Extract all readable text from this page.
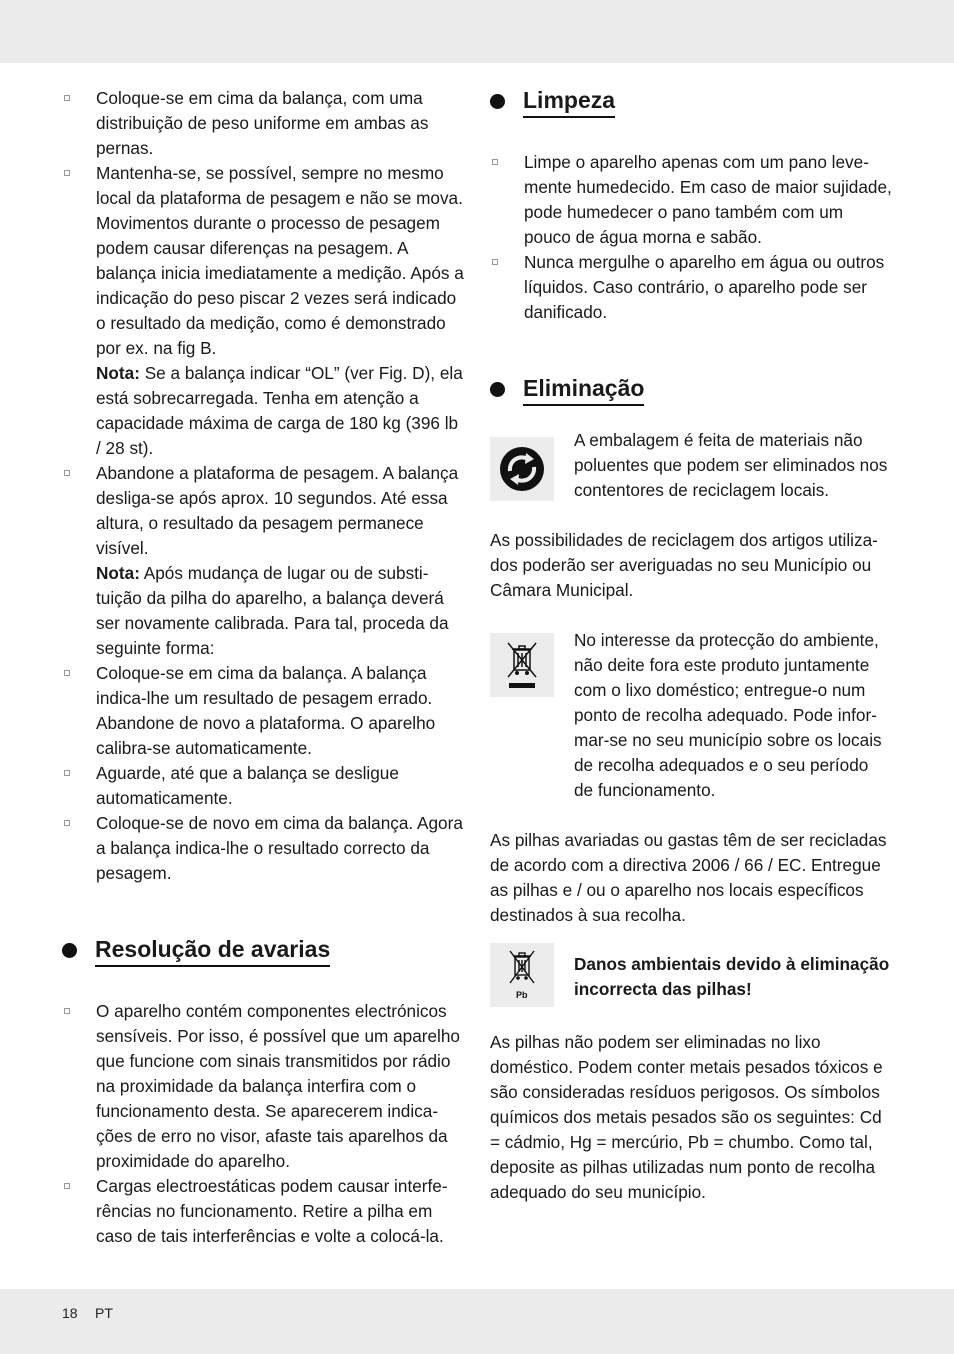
Coloque-se em cima da balança, com uma distribuição de peso uniforme em ambas as pernas.

Mantenha-se, se possível, sempre no mesmo local da plataforma de pesagem e não se mova. Movimentos durante o processo de pesagem podem causar diferenças na pesagem. A balança inicia imediatamente a medição. Após a indicação do peso piscar 2 vezes será indicado o resultado da medição, como é demonstrado por ex. na fig B.

Nota: Se a balança indicar “OL” (ver Fig. D), ela está sobrecarregada. Tenha em atenção a capacidade máxima de carga de 180 kg (396 lb / 28 st).

Abandone a plataforma de pesagem. A balança desliga-se após aprox. 10 segundos. Até essa altura, o resultado da pesagem permanece visível.

Nota: Após mudança de lugar ou de substituição da pilha do aparelho, a balança deverá ser novamente calibrada. Para tal, proceda da seguinte forma:

Coloque-se em cima da balança. A balança indica-lhe um resultado de pesagem errado. Abandone de novo a plataforma. O aparelho calibra-se automaticamente.

Aguarde, até que a balança se desligue automaticamente.

Coloque-se de novo em cima da balança. Agora a balança indica-lhe o resultado correcto da pesagem.

Resolução de avarias

O aparelho contém componentes electrónicos sensíveis. Por isso, é possível que um aparelho que funcione com sinais transmitidos por rádio na proximidade da balança interfira com o funcionamento desta. Se aparecerem indicações de erro no visor, afaste tais aparelhos da proximidade do aparelho.

Cargas electroestáticas podem causar interferências no funcionamento. Retire a pilha em caso de tais interferências e volte a colocá-la.

Limpeza

Limpe o aparelho apenas com um pano levemente humedecido. Em caso de maior sujidade, pode humedecer o pano também com um pouco de água morna e sabão.

Nunca mergulhe o aparelho em água ou outros líquidos. Caso contrário, o aparelho pode ser danificado.

Eliminação

A embalagem é feita de materiais não poluentes que podem ser eliminados nos contentores de reciclagem locais.

As possibilidades de reciclagem dos artigos utilizados poderão ser averiguadas no seu Município ou Câmara Municipal.

No interesse da protecção do ambiente, não deite fora este produto juntamente com o lixo doméstico; entregue-o num ponto de recolha adequado. Pode informar-se no seu município sobre os locais de recolha adequados e o seu período de funcionamento.

As pilhas avariadas ou gastas têm de ser recicladas de acordo com a directiva 2006 / 66 / EC. Entregue as pilhas e / ou o aparelho nos locais específicos destinados à sua recolha.

Pb

Danos ambientais devido à eliminação incorrecta das pilhas!

As pilhas não podem ser eliminadas no lixo doméstico. Podem conter metais pesados tóxicos e são consideradas resíduos perigosos. Os símbolos químicos dos metais pesados são os seguintes: Cd = cádmio, Hg = mercúrio, Pb = chumbo. Como tal, deposite as pilhas utilizadas num ponto de recolha adequado do seu município.

18 PT
